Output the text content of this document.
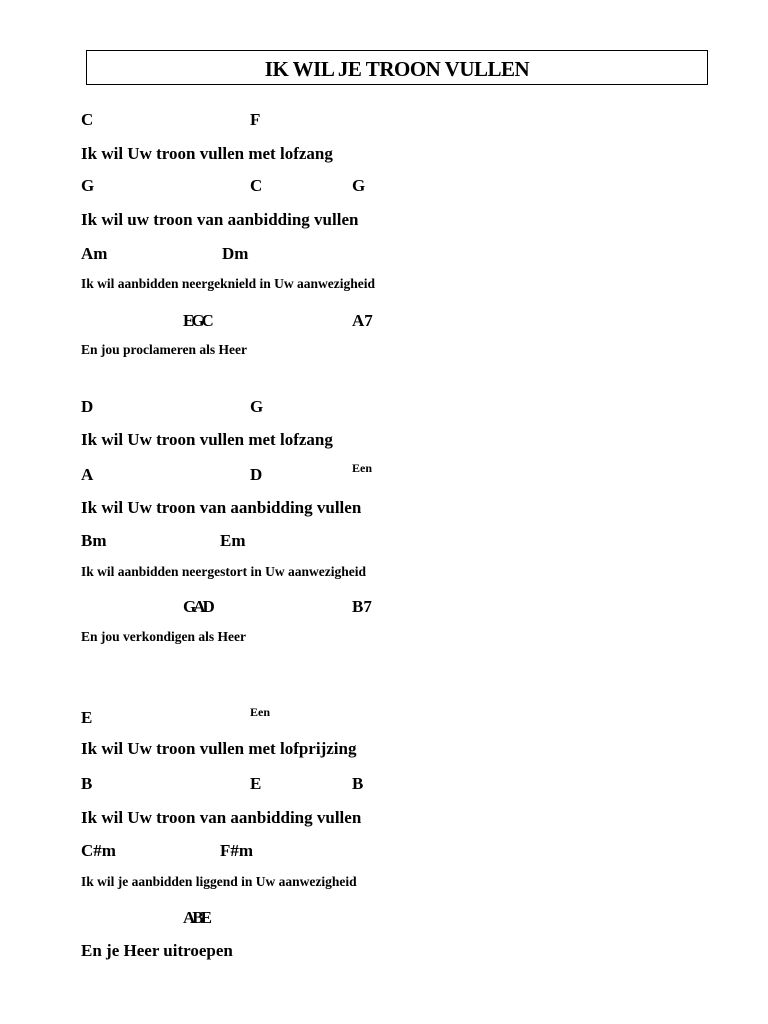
IK WIL JE TROON VULLEN
C	F
Ik wil Uw troon vullen met lofzang
G	C	G
Ik wil uw troon van aanbidding vullen
Am	Dm
Ik wil aanbidden neergeknield in Uw aanwezigheid
EGC	A7
En jou proclameren als Heer
D	G
Ik wil Uw troon vullen met lofzang
A	D	Een
Ik wil Uw troon van aanbidding vullen
Bm	Em
Ik wil aanbidden neergestort in Uw aanwezigheid
GAD	B7
En jou verkondigen als Heer
E	Een
Ik wil Uw troon vullen met lofprijzing
B	E	B
Ik wil Uw troon van aanbidding vullen
C#m	F#m
Ik wil je aanbidden liggend in Uw aanwezigheid
ABE
En je Heer uitroepen
